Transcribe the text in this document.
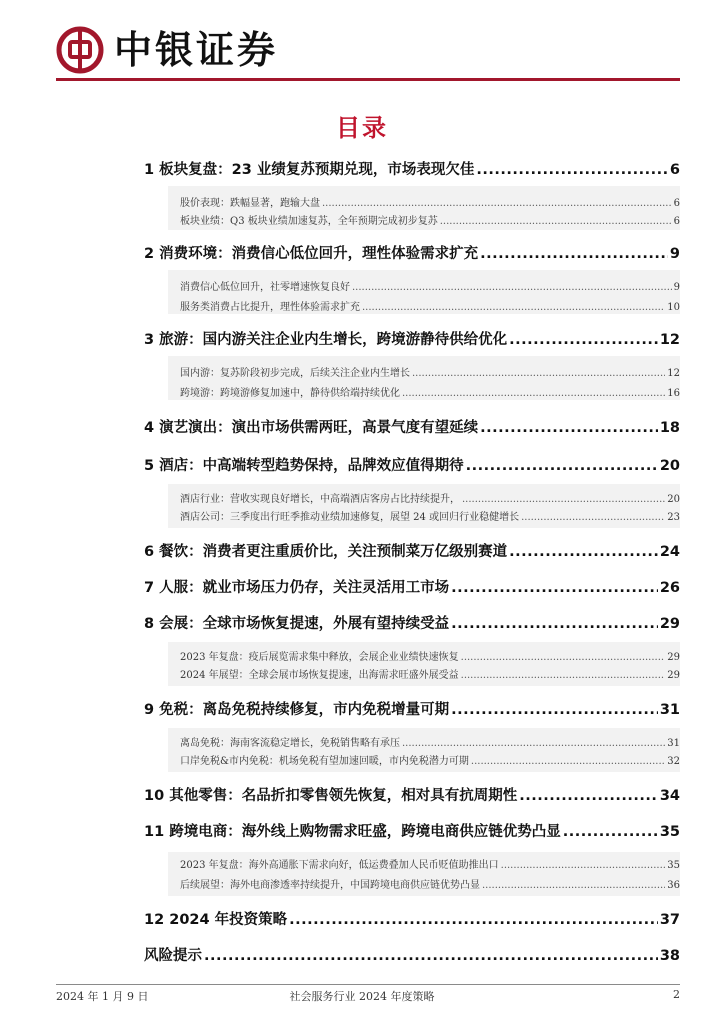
中银证券
目录
1 板块复盘：23 业绩复苏预期兑现，市场表现欠佳 .....	6
股价表现：跌幅显著，跑输大盘 .....	6
板块业绩：Q3 板块业绩加速复苏，全年预期完成初步复苏 .....	6
2 消费环境：消费信心低位回升，理性体验需求扩充 .....	9
消费信心低位回升，社零增速恢复良好 .....	9
服务类消费占比提升，理性体验需求扩充 .....	10
3 旅游：国内游关注企业内生增长，跨境游静待供给优化 .....	12
国内游：复苏阶段初步完成，后续关注企业内生增长 .....	12
跨境游：跨境游修复加速中，静待供给端持续优化 .....	16
4 演艺演出：演出市场供需两旺，高景气度有望延续 .....	18
5 酒店：中高端转型趋势保持，品牌效应值得期待 .....	20
酒店行业：营收实现良好增长，中高端酒店客房占比持续提升， .....	20
酒店公司：三季度出行旺季推动业绩加速修复，展望 24 或回归行业稳健增长 .....	23
6 餐饮：消费者更注重质价比，关注预制菜万亿级别赛道 .....	24
7 人服：就业市场压力仍存，关注灵活用工市场 .....	26
8 会展：全球市场恢复提速，外展有望持续受益 .....	29
2023 年复盘：疫后展览需求集中释放，会展企业业绩快速恢复 .....	29
2024 年展望：全球会展市场恢复提速，出海需求旺盛外展受益 .....	29
9 免税：离岛免税持续修复，市内免税增量可期 .....	31
离岛免税：海南客流稳定增长，免税销售略有承压 .....	31
口岸免税&市内免税：机场免税有望加速回暖，市内免税潜力可期 .....	32
10 其他零售：名品折扣零售领先恢复，相对具有抗周期性 .....	34
11 跨境电商：海外线上购物需求旺盛，跨境电商供应链优势凸显 .....	35
2023 年复盘：海外高通胀下需求向好，低运费叠加人民币贬值助推出口 .....	35
后续展望：海外电商渗透率持续提升，中国跨境电商供应链优势凸显 .....	36
12 2024 年投资策略 .....	37
风险提示 .....	38
2024 年 1 月 9 日	社会服务行业 2024 年度策略	2
